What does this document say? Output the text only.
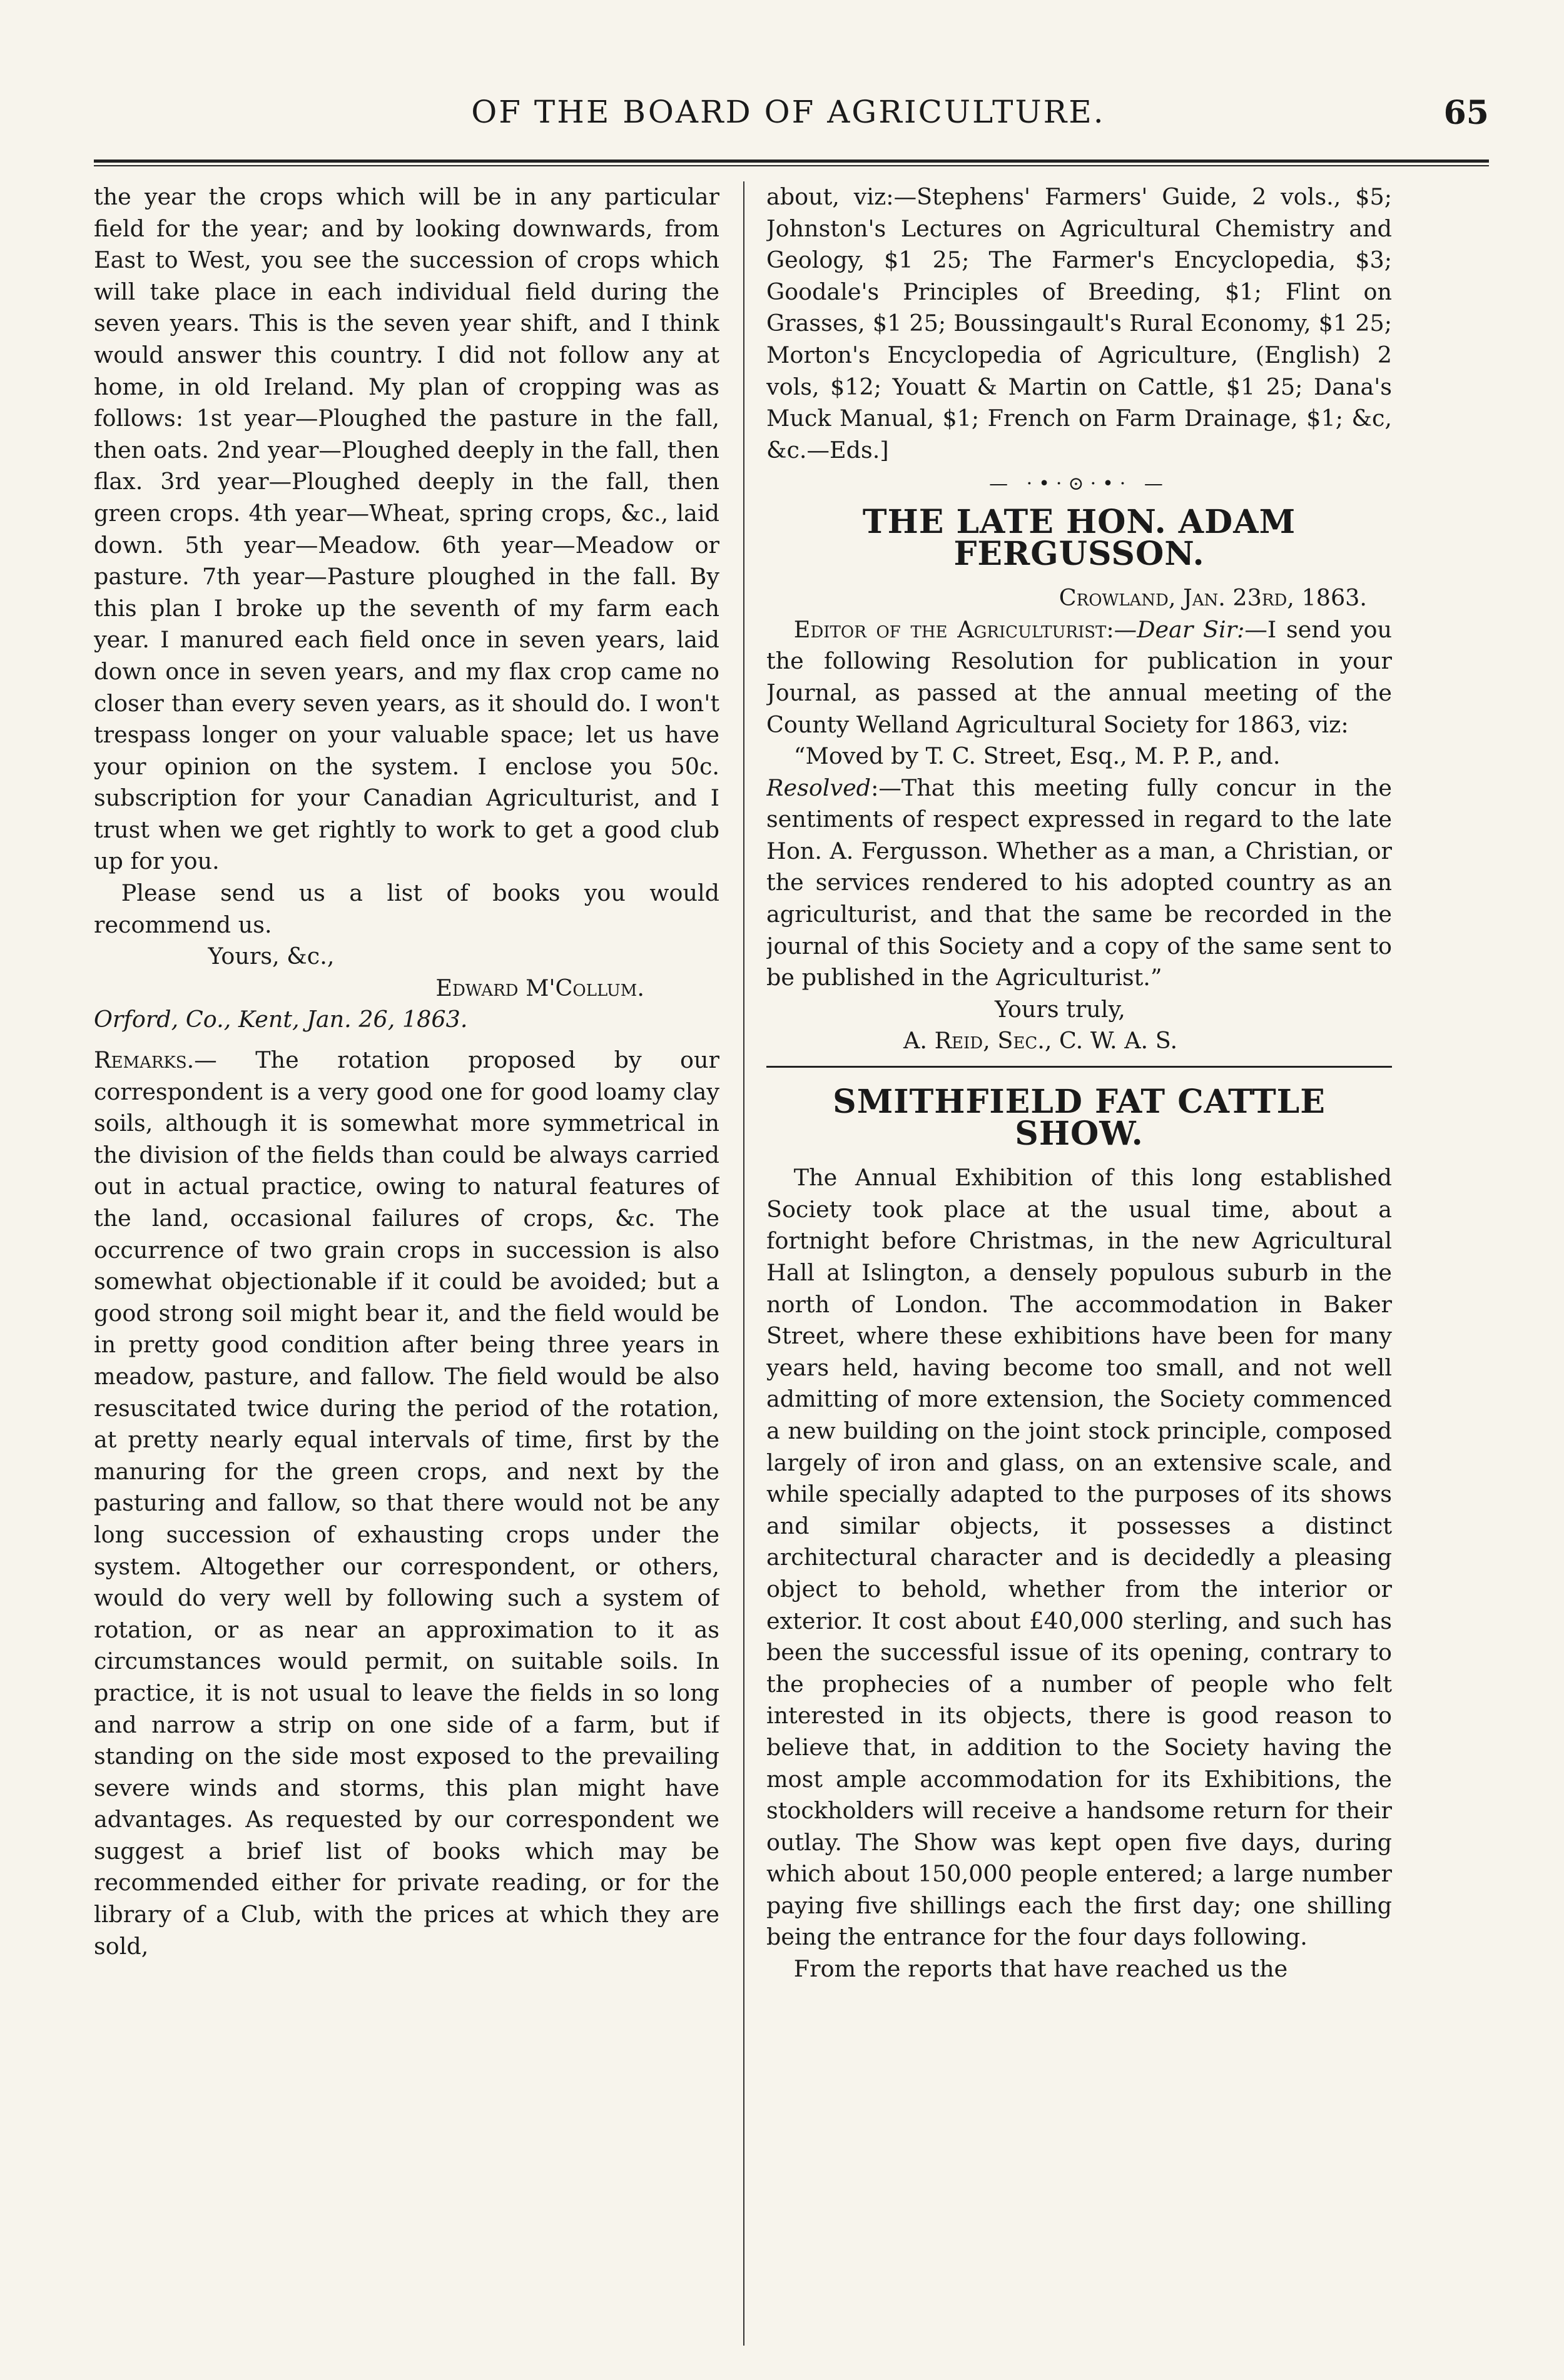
OF THE BOARD OF AGRICULTURE.	65

the year the crops which will be in any particular field for the year; and by looking downwards, from East to West, you see the succession of crops which will take place in each individual field during the seven years. This is the seven year shift, and I think would answer this country. I did not follow any at home, in old Ireland. My plan of cropping was as follows: 1st year—Ploughed the pasture in the fall, then oats. 2nd year—Ploughed deeply in the fall, then flax. 3rd year—Ploughed deeply in the fall, then green crops. 4th year—Wheat, spring crops, &c., laid down. 5th year—Meadow. 6th year—Meadow or pasture. 7th year—Pasture ploughed in the fall. By this plan I broke up the seventh of my farm each year. I manured each field once in seven years, laid down once in seven years, and my flax crop came no closer than every seven years, as it should do. I won't trespass longer on your valuable space; let us have your opinion on the system. I enclose you 50c. subscription for your Canadian Agriculturist, and I trust when we get rightly to work to get a good club up for you.

Please send us a list of books you would recommend us.

Yours, &c.,

Edward M'Collum.

Orford, Co., Kent, Jan. 26, 1863.

Remarks.— The rotation proposed by our correspondent is a very good one for good loamy clay soils, although it is somewhat more symmetrical in the division of the fields than could be always carried out in actual practice, owing to natural features of the land, occasional failures of crops, &c. The occurrence of two grain crops in succession is also somewhat objectionable if it could be avoided; but a good strong soil might bear it, and the field would be in pretty good condition after being three years in meadow, pasture, and fallow. The field would be also resuscitated twice during the period of the rotation, at pretty nearly equal intervals of time, first by the manuring for the green crops, and next by the pasturing and fallow, so that there would not be any long succession of exhausting crops under the system. Altogether our correspondent, or others, would do very well by following such a system of rotation, or as near an approximation to it as circumstances would permit, on suitable soils. In practice, it is not usual to leave the fields in so long and narrow a strip on one side of a farm, but if standing on the side most exposed to the prevailing severe winds and storms, this plan might have advantages. As requested by our correspondent we suggest a brief list of books which may be recommended either for private reading, or for the library of a Club, with the prices at which they are sold,

about, viz:—Stephens' Farmers' Guide, 2 vols., $5; Johnston's Lectures on Agricultural Chemistry and Geology, $1 25; The Farmer's Encyclopedia, $3; Goodale's Principles of Breeding, $1; Flint on Grasses, $1 25; Boussingault's Rural Economy, $1 25; Morton's Encyclopedia of Agriculture, (English) 2 vols, $12; Youatt & Martin on Cattle, $1 25; Dana's Muck Manual, $1; French on Farm Drainage, $1; &c, &c.—Eds.]

— ·•·⊙·•· —
THE LATE HON. ADAM FERGUSSON.

Crowland, Jan. 23rd, 1863.

Editor of the Agriculturist:—Dear Sir:—I send you the following Resolution for publication in your Journal, as passed at the annual meeting of the County Welland Agricultural Society for 1863, viz:

“Moved by T. C. Street, Esq., M. P. P., and.

Resolved:—That this meeting fully concur in the sentiments of respect expressed in regard to the late Hon. A. Fergusson. Whether as a man, a Christian, or the services rendered to his adopted country as an agriculturist, and that the same be recorded in the journal of this Society and a copy of the same sent to be published in the Agriculturist.”

Yours truly,

A. Reid, Sec., C. W. A. S.

SMITHFIELD FAT CATTLE SHOW.

The Annual Exhibition of this long established Society took place at the usual time, about a fortnight before Christmas, in the new Agricultural Hall at Islington, a densely populous suburb in the north of London. The accommodation in Baker Street, where these exhibitions have been for many years held, having become too small, and not well admitting of more extension, the Society commenced a new building on the joint stock principle, composed largely of iron and glass, on an extensive scale, and while specially adapted to the purposes of its shows and similar objects, it possesses a distinct architectural character and is decidedly a pleasing object to behold, whether from the interior or exterior. It cost about £40,000 sterling, and such has been the successful issue of its opening, contrary to the prophecies of a number of people who felt interested in its objects, there is good reason to believe that, in addition to the Society having the most ample accommodation for its Exhibitions, the stockholders will receive a handsome return for their outlay. The Show was kept open five days, during which about 150,000 people entered; a large number paying five shillings each the first day; one shilling being the entrance for the four days following.

From the reports that have reached us the
